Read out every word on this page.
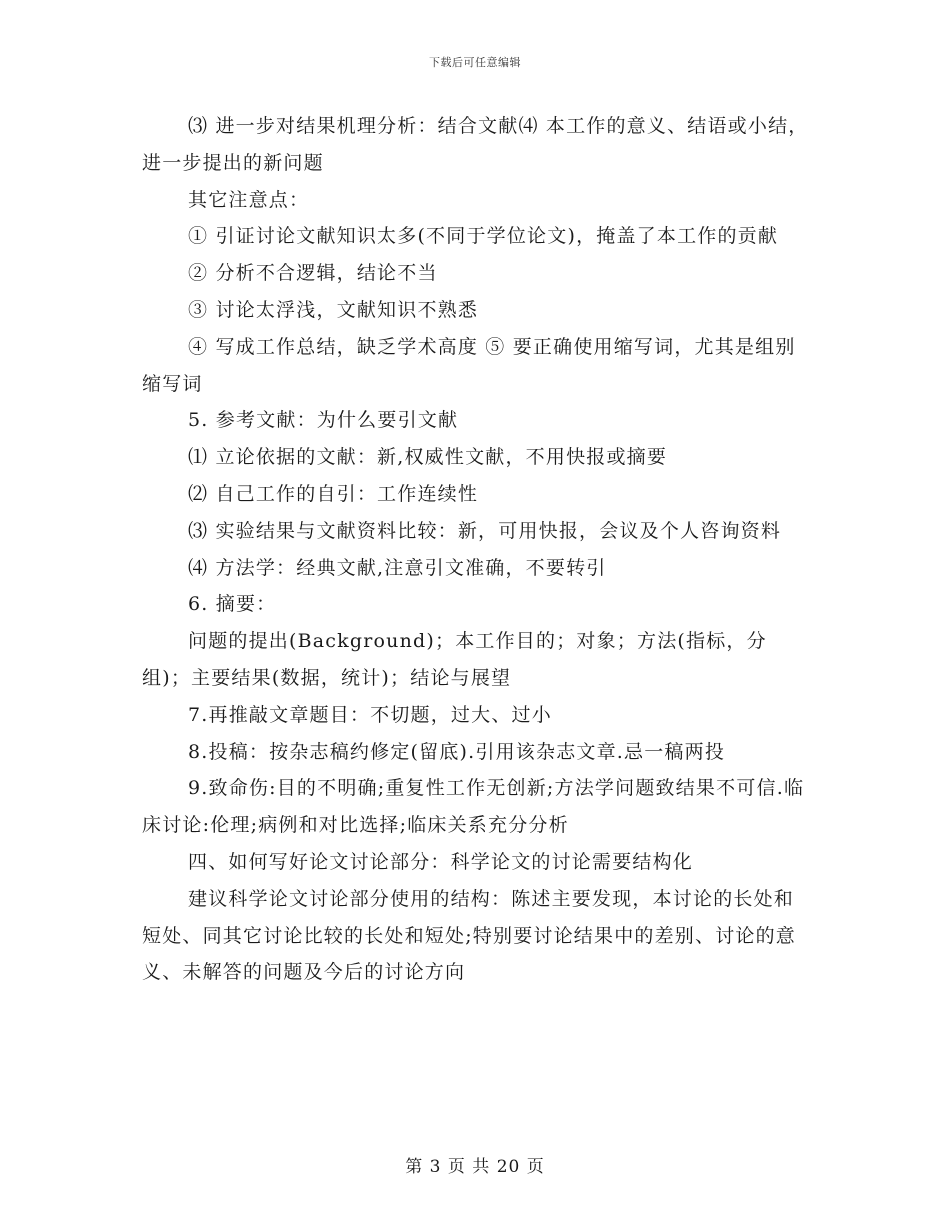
下载后可任意编辑

⑶ 进一步对结果机理分析：结合文献⑷ 本工作的意义、结语或小结，进一步提出的新问题

其它注意点：

① 引证讨论文献知识太多(不同于学位论文)，掩盖了本工作的贡献

② 分析不合逻辑，结论不当

③ 讨论太浮浅，文献知识不熟悉

④ 写成工作总结，缺乏学术高度 ⑤ 要正确使用缩写词，尤其是组别缩写词

5. 参考文献：为什么要引文献

⑴ 立论依据的文献：新,权威性文献，不用快报或摘要

⑵ 自己工作的自引：工作连续性

⑶ 实验结果与文献资料比较：新，可用快报，会议及个人咨询资料

⑷ 方法学：经典文献,注意引文准确，不要转引

6. 摘要：

问题的提出(Background)；本工作目的；对象；方法(指标，分组)；主要结果(数据，统计)；结论与展望

7.再推敲文章题目：不切题，过大、过小

8.投稿：按杂志稿约修定(留底).引用该杂志文章.忌一稿两投

9.致命伤:目的不明确;重复性工作无创新;方法学问题致结果不可信.临床讨论:伦理;病例和对比选择;临床关系充分分析

四、如何写好论文讨论部分：科学论文的讨论需要结构化

建议科学论文讨论部分使用的结构：陈述主要发现，本讨论的长处和短处、同其它讨论比较的长处和短处;特别要讨论结果中的差别、讨论的意义、未解答的问题及今后的讨论方向

第 3 页 共 20 页
